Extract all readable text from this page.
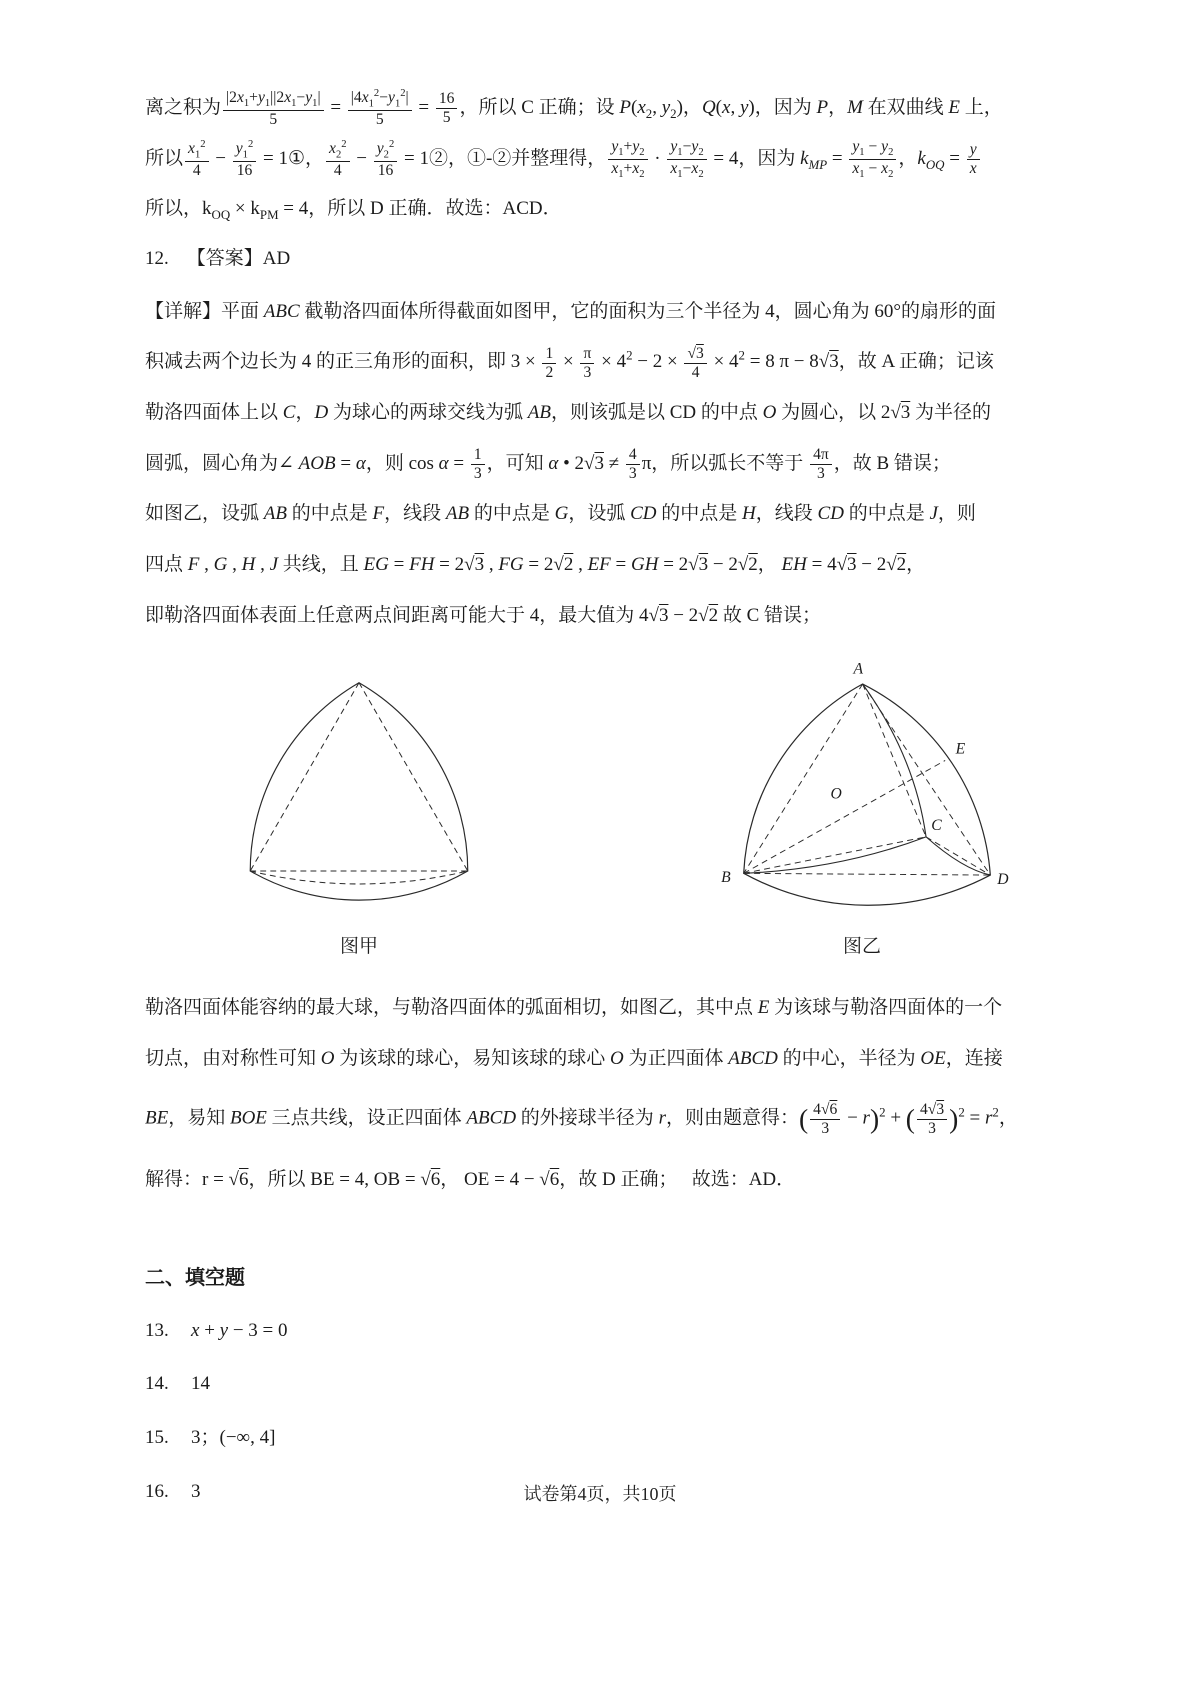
离之积为 $\frac{|2x_1+y_1||2x_1-y_1|}{5} = \frac{|4x_1^2-y_1^2|}{5} = \frac{16}{5}$ ，所以 C 正确；设 $P(x_2$, $y_2$)，Q(x, y)，因为 P，M 在双曲线 E 上，
所以 $\frac{x_1^2}{4} - \frac{y_1^2}{16}$ = 1①， $\frac{x_2^2}{4} - \frac{y_2^2}{16}$ = 1②，①-②并整理得， $\frac{y_1+y_2}{x_1+x_2} \cdot \frac{y_1-y_2}{x_1-x_2} = 4$，因为 $k_{MP} = \frac{y_1 - y_2}{x_1 - x_2}$ ，$k_{OQ} = \frac{y}{x}$
所以，$k_{OQ} \times k_{PM} = 4$，所以 D 正确．故选：ACD．
12. 【答案】AD
【详解】平面 ABC 截勒洛四面体所得截面如图甲，它的面积为三个半径为 4，圆心角为 60°的扇形的面
积减去两个边长为 4 的正三角形的面积，即 $3 \times \frac{1}{2} \times \frac{\pi}{3} \times 4^2 - 2 \times \frac{√3}{4} \times 4^2 = 8$ π − 8√3，故 A 正确；记该
勒洛四面体上以 C，D 为球心的两球交线为弧 AB，则该弧是以 CD 的中点 O 为圆心，以 2√3 为半径的
圆弧，圆心角为∠ AOB = α，则 $\cos \alpha = \frac{1}{3}$ ，可知 α • $2√3 \ne \frac{4}{3}$ π，所以弧长不等于 $\frac{4\pi}{3}$ ，故 B 错误；
如图乙，设弧 AB 的中点是 F，线段 AB 的中点是 G，设弧 CD 的中点是 H，线段 CD 的中点是 J，则
四点 F , G , H , J 共线，且 EG = FH = 2√3 , FG = 2√2 , EF = GH = 2√3 − 2√2， EH = 4√3 − 2√2，
即勒洛四面体表面上任意两点间距离可能大于 4，最大值为 4√3 − 2√2 故 C 错误；
图甲
A
E
O
C
B	D
图乙
勒洛四面体能容纳的最大球，与勒洛四面体的弧面相切，如图乙，其中点 E 为该球与勒洛四面体的一个
切点，由对称性可知 O 为该球的球心，易知该球的球心 O 为正四面体 ABCD 的中心，半径为 OE，连接
BE，易知 BOE 三点共线，设正四面体 ABCD 的外接球半径为 r，则由题意得：( $\frac{4√6}{3} - r)^2$ + ( $\frac{4√3}{3} )^2 = r^2$，
解得：r = √6，所以 BE = 4, OB = √6， OE = 4 − √6，故 D 正确；   故选：AD．
二、填空题
13. x + y − 3 = 0
14. 14
15. 3；(−∞, 4]
16. 3	试卷第4页，共10页
